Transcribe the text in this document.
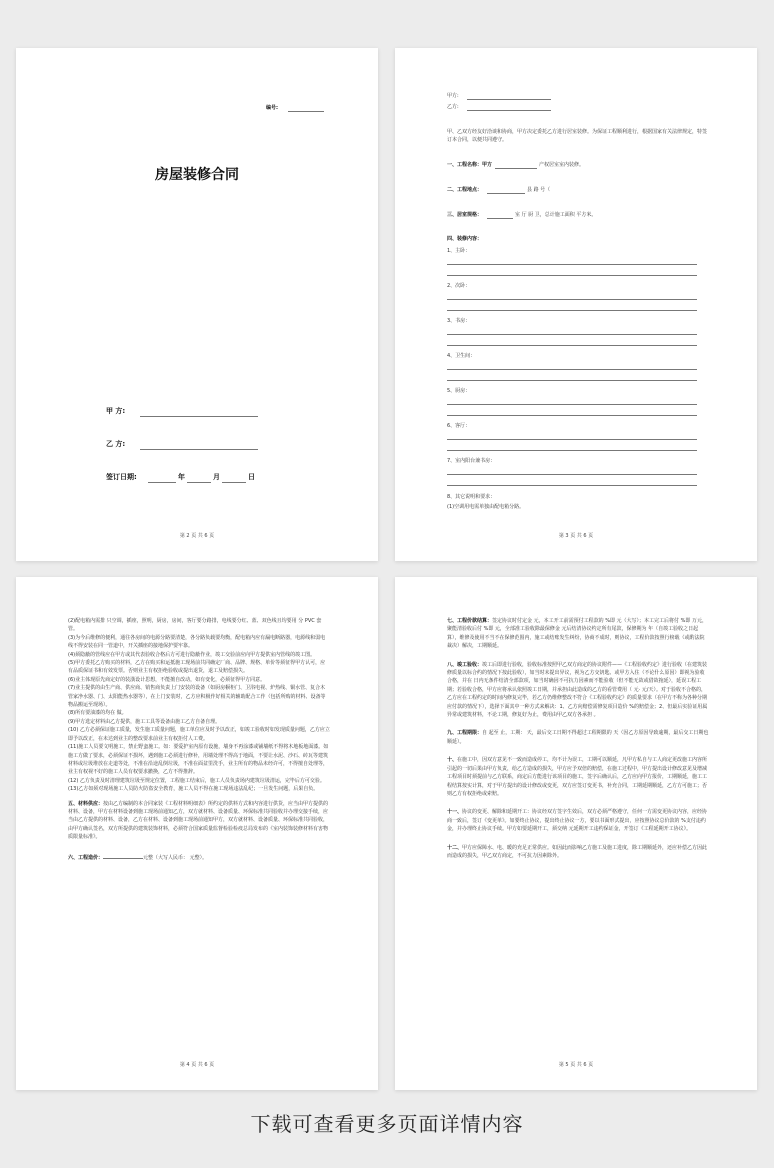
编号:
房屋装修合同
甲 方:
乙 方:
签订日期:	年	月	日
第 2 页 共 6 页
甲方:
乙方:
甲、乙双方经友好洽谈和协商，甲方决定委托乙方进行居室装修。为保证工程顺利进行，根据国家有关法律规定，特签订本合同，以便共同遵守。
一、工程名称：甲方	产权居室室内装修。
二、工程地点：	县 路 号（
三、居室规格：	室 厅 厨 卫，总计施工面积 平方米。
四、装修内容：
1、主卧：
2、次卧：
3、书房：
4、卫生间：
5、厨房：
6、客厅：
7、室内阳台兼书房：
8、其它说明和要求：
(1)空调用电需单独由配电箱分路。
第 3 页 共 6 页
(2)配电箱内需排 只空调，插座，照明，厨房，房间，客厅要分路排，电线要分红、蓝、双色线且均要用 分 PVC 套管。
(3)为今后维修的便利，通往各房间的电源分路要清楚，各分路负载要均衡，配电箱内应有漏电断路器，电源线和弱电线不得安装在同一管道中，开关插座的接地保护要牢靠。
(4)须隐蔽的管线应在甲方或其代表验收合格后方可进行隐蔽作业，竣工交验前应向甲方提供室内管线的竣工图。
(5)甲方委托乙方购买的材料，乙方在购买和运抵施工现场前共同确定厂商、品牌、规格、单价等须征得甲方认可，应有品质保证书和有效发票。否则业主有权拒绝验收或提出退货，退工及赔偿损失。
(6)业主体现原先商定好的装潢设计思想，不能擅自改动，如有变化，必须征得甲方同意。
(7)业主提供的由生产商、供应商、销售商负责上门安装的设备（如厨房橱柜门、卫浴电视、炉热线、铜水管、复合木管家净水器、门、太阳能热水器等），在上门安装时，乙方应积极作好相关的辅助配合工作（包括所购的材料、设备等物品搬运至现场）。
(8)所有要油漆的均在 做。
(9)甲方选定材料由乙方提供，施工工具等设备由施工乙方自备自理。
(10) 乙方必须保证施工质量，发生施工质量问题，施工单位应及时予以改正，如竣工验收时如发现质量问题，乙方应立即予以改正，在未达到业主的整改要求前业主有权拒付人工费。
(11)施工人员要文明施工，禁止野蛮施工。如：要爱护室内原有设施，墙身不再涂漆或铺墙纸不得将木地板地面漆。如施工方做了要求，必须保证不损坏，遇到施工必须进行修补，用墙处理不得高于地面，不要让水泥、沙石、砖瓦等建筑材料或垃圾堆放在走道等处，不准在沿途乱倒垃圾，不准在面盆里洗手，业主所有的物品未经许可，不得擅自处理等，业主有权视不好的施工人员有权要求撤换，乙方不得推辞。
(12) 乙方负责及时清理建筑垃圾至规定位置，工程施工结束后，施工人员负责场内建筑垃圾清运，完毕后方可交验。
(13)乙方如须对现场施工人员防火防盗安全教育，施工人员不得在施工现场违法乱纪；一旦发生问题，后果自负。
五、材料供应：按由乙方编制的本合同家装《工程材料明细表》所约定的供料方式和内容进行供货，应当由甲方提供的材料、设备，甲方在材料设备到施工现场前通知乙方，双方就材料、设备质量、环保标准共同验收并办理交接手续，应当由乙方提供的材料、设备，乙方在材料、设备到施工现场前通知甲方，双方就材料、设备质量、环保标准共同验收，由甲方确认签名，双方所提供的建筑装饰材料，必须符合国家质量监督检验检疫总局发布的《室内装饰装修材料有害物质限量标准》。
六、工程造价：	元整（大写人民币： 元整）。
第 4 页 共 6 页
七、工程价款结算：签定协议时付定金 元，本工开工前需预付工程款的 %即 元（大写）；本工完工后将付 %即 万元，聚能清验收后付 %即 元，全部准工验收除最保修金 元后结清协议约定所有尾款，保修期为 年（自竣工验收之日起算），维修及使用不当不在保修范围内，施工或结账发生纠纷，协商不成时，则协议，工程价款按照行榜载（或酌法院裁决）解决，工期顺延。
八、竣工验收：竣工后即进行验收，验收标准按照甲乙双方商定的协议附件——《工程验收约定》进行验收（在建筑装修质量以标合约的情况下按此验收），如当时未提出异议，视为乙方交钥匙、或甲方入住（不论什么原因）即视为验收合格，并在 日内无条件结清全部款项，如当时确因不可抗力因素而不能验收（但不能无故或借故拖延），延误工程工期；若验收合格，甲方应将承认依照竣工日期，并承担由此造成的乙方的看管费用（ 元· 元/天）。对于验收不合格的，乙方应在工程约定的时间内修复完毕，若乙方仍维修整改不符合《工程验收约定》的质量要求（在甲方不称为各种分期应付款的情况下），选择下面其中一种方式来解决：1、乙方向赔偿需修复项目造价 %的赔偿金；2、但最后实验证用属异常或建筑材料，不论工期，修复好为止，费用由甲乙双方各承担 。
九、工程期限：自 起至 止，工期： 天，最后交工日期不得超过工程期限的 天（因乙方原因导致逾期，最后交工日期也顺延）。
十、在施工中，因双方意见不一致而造成停工，均不计为误工，工期可以顺延，凡甲方私自与工人商定更改施工内容所引起的一切后果由甲方负责，给乙方造成的损失，甲方应予双倍的赔偿，在施工过程中，甲方提出设计修改意见及增减工程项目时须提前与乙方联系，商定后方能进行该项目的施工，签字后确认后，乙方应向甲方报价，工期顺延，施工工程结算按实计算，对于甲方提出的设计修改或变更，双方应签订变更书，补充合同，工期延期顺延，乙方方可施工；否则乙方有权拒绝或索赔。
十一、协议的变更、解除和延期开工：协议经双方签字生效后，双方必须严格遵守，任何一方需变更协议内容，应经协商一致后，签订《变更单》。如要终止协议，提出终止协议一方，要以书面形式提出，应按照协议总价款的 %支付违约金，并办理终止协议手续。甲方如要延期开工，须交纳 元延期开工违约保证金，开签订《工程延期开工协议》。
十二、甲方应保障水、电、暖的充足正常供应。如因此而影响乙方施工及施工进度，除工期顺延外，还应补偿乙方因此而造成的损失，甲乙双方商定，不可抗力因素除外。
第 5 页 共 6 页
下载可查看更多页面详情内容
